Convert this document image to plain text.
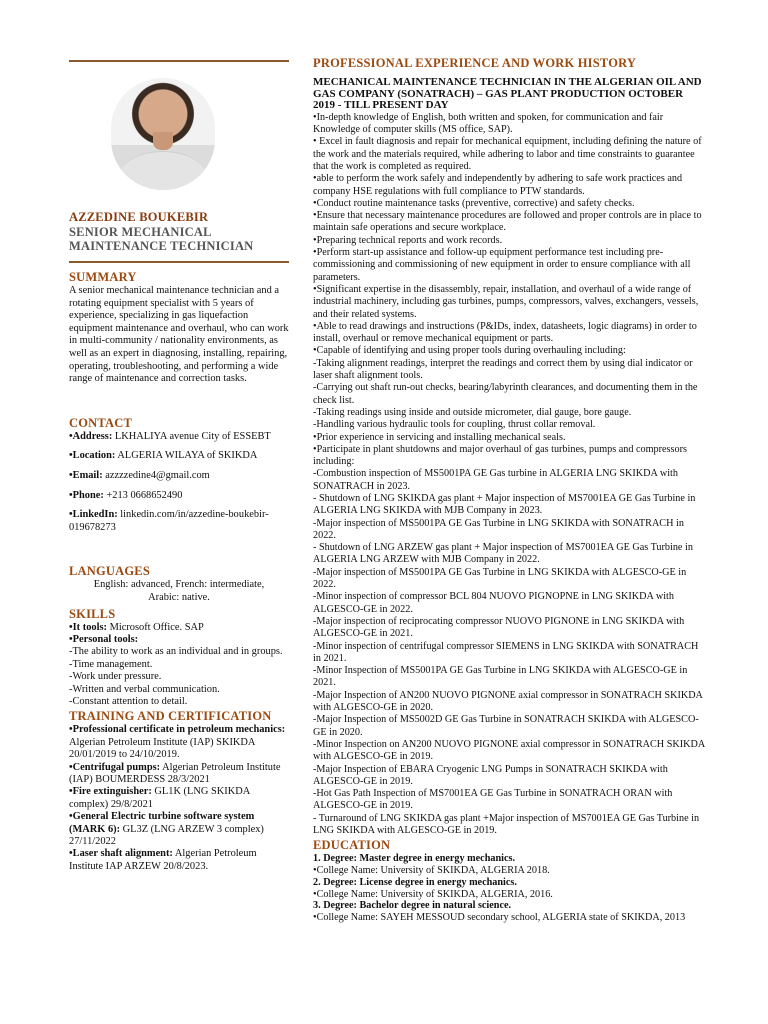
AZZEDINE BOUKEBIR
SENIOR MECHANICAL
MAINTENANCE TECHNICIAN
SUMMARY
A senior mechanical maintenance technician and a rotating equipment specialist with 5 years of experience, specializing in gas liquefaction equipment maintenance and overhaul, who can work in multi-community / nationality environments, as well as an expert in diagnosing, installing, repairing, operating, troubleshooting, and performing a wide range of maintenance and correction tasks.
CONTACT
•Address: LKHALIYA avenue City of ESSEBT
•Location: ALGERIA WILAYA of SKIKDA
•Email: azzzzedine4@gmail.com
•Phone: +213 0668652490
•LinkedIn: linkedin.com/in/azzedine-boukebir-019678273
LANGUAGES
English: advanced, French: intermediate,
Arabic: native.
SKILLS
•It tools: Microsoft Office. SAP
•Personal tools:
-The ability to work as an individual and in groups.
-Time management.
-Work under pressure.
-Written and verbal communication.
-Constant attention to detail.
TRAINING AND CERTIFICATION
•Professional certificate in petroleum mechanics: Algerian Petroleum Institute (IAP) SKIKDA 20/01/2019 to 24/10/2019.
•Centrifugal pumps: Algerian Petroleum Institute (IAP) BOUMERDESS 28/3/2021
•Fire extinguisher: GL1K (LNG SKIKDA complex) 29/8/2021
•General Electric turbine software system (MARK 6): GL3Z (LNG ARZEW 3 complex) 27/11/2022
•Laser shaft alignment: Algerian Petroleum Institute IAP ARZEW 20/8/2023.
PROFESSIONAL EXPERIENCE AND WORK HISTORY
MECHANICAL MAINTENANCE TECHNICIAN IN THE ALGERIAN OIL AND GAS COMPANY (SONATRACH) – GAS PLANT PRODUCTION OCTOBER 2019 - TILL PRESENT DAY
•In-depth knowledge of English, both written and spoken, for communication and fair Knowledge of computer skills (MS office, SAP).
• Excel in fault diagnosis and repair for mechanical equipment, including defining the nature of the work and the materials required, while adhering to labor and time constraints to guarantee that the work is completed as required.
•able to perform the work safely and independently by adhering to safe work practices and company HSE regulations with full compliance to PTW standards.
•Conduct routine maintenance tasks (preventive, corrective) and safety checks.
•Ensure that necessary maintenance procedures are followed and proper controls are in place to maintain safe operations and secure workplace.
•Preparing technical reports and work records.
•Perform start-up assistance and follow-up equipment performance test including pre-commissioning and commissioning of new equipment in order to ensure compliance with all parameters.
•Significant expertise in the disassembly, repair, installation, and overhaul of a wide range of industrial machinery, including gas turbines, pumps, compressors, valves, exchangers, vessels, and their related systems.
•Able to read drawings and instructions (P&IDs, index, datasheets, logic diagrams) in order to install, overhaul or remove mechanical equipment or parts.
•Capable of identifying and using proper tools during overhauling including:
-Taking alignment readings, interpret the readings and correct them by using dial indicator or laser shaft alignment tools.
-Carrying out shaft run-out checks, bearing/labyrinth clearances, and documenting them in the check list.
-Taking readings using inside and outside micrometer, dial gauge, bore gauge.
-Handling various hydraulic tools for coupling, thrust collar removal.
•Prior experience in servicing and installing mechanical seals.
•Participate in plant shutdowns and major overhaul of gas turbines, pumps and compressors including:
-Combustion inspection of MS5001PA GE Gas turbine in ALGERIA LNG SKIKDA with SONATRACH in 2023.
- Shutdown of LNG SKIKDA gas plant + Major inspection of MS7001EA GE Gas Turbine in ALGERIA LNG SKIKDA with MJB Company in 2023.
-Major inspection of MS5001PA GE Gas Turbine in LNG SKIKDA with SONATRACH in 2022.
- Shutdown of LNG ARZEW gas plant + Major inspection of MS7001EA GE Gas Turbine in ALGERIA LNG ARZEW with MJB Company in 2022.
-Major inspection of MS5001PA GE Gas Turbine in LNG SKIKDA with ALGESCO-GE in 2022.
-Minor inspection of compressor BCL 804 NUOVO PIGNOPNE in LNG SKIKDA with ALGESCO-GE in 2022.
-Major inspection of reciprocating compressor NUOVO PIGNONE in LNG SKIKDA with ALGESCO-GE in 2021.
-Minor inspection of centrifugal compressor SIEMENS in LNG SKIKDA with SONATRACH in 2021.
-Minor Inspection of MS5001PA GE Gas Turbine in LNG SKIKDA with ALGESCO-GE in 2021.
-Major Inspection of AN200 NUOVO PIGNONE axial compressor in SONATRACH SKIKDA with ALGESCO-GE in 2020.
-Major Inspection of MS5002D GE Gas Turbine in SONATRACH SKIKDA with ALGESCO-GE in 2020.
-Minor Inspection on AN200 NUOVO PIGNONE axial compressor in SONATRACH SKIKDA with ALGESCO-GE in 2019.
-Major Inspection of EBARA Cryogenic LNG Pumps in SONATRACH SKIKDA with ALGESCO-GE in 2019.
-Hot Gas Path Inspection of MS7001EA GE Gas Turbine in SONATRACH ORAN with ALGESCO-GE in 2019.
- Turnaround of LNG SKIKDA gas plant +Major inspection of MS7001EA GE Gas Turbine in LNG SKIKDA with ALGESCO-GE in 2019.
EDUCATION
1. Degree: Master degree in energy mechanics.
•College Name: University of SKIKDA, ALGERIA 2018.
2. Degree: License degree in energy mechanics.
•College Name: University of SKIKDA, ALGERIA, 2016.
3. Degree: Bachelor degree in natural science.
•College Name: SAYEH MESSOUD secondary school, ALGERIA state of SKIKDA, 2013
